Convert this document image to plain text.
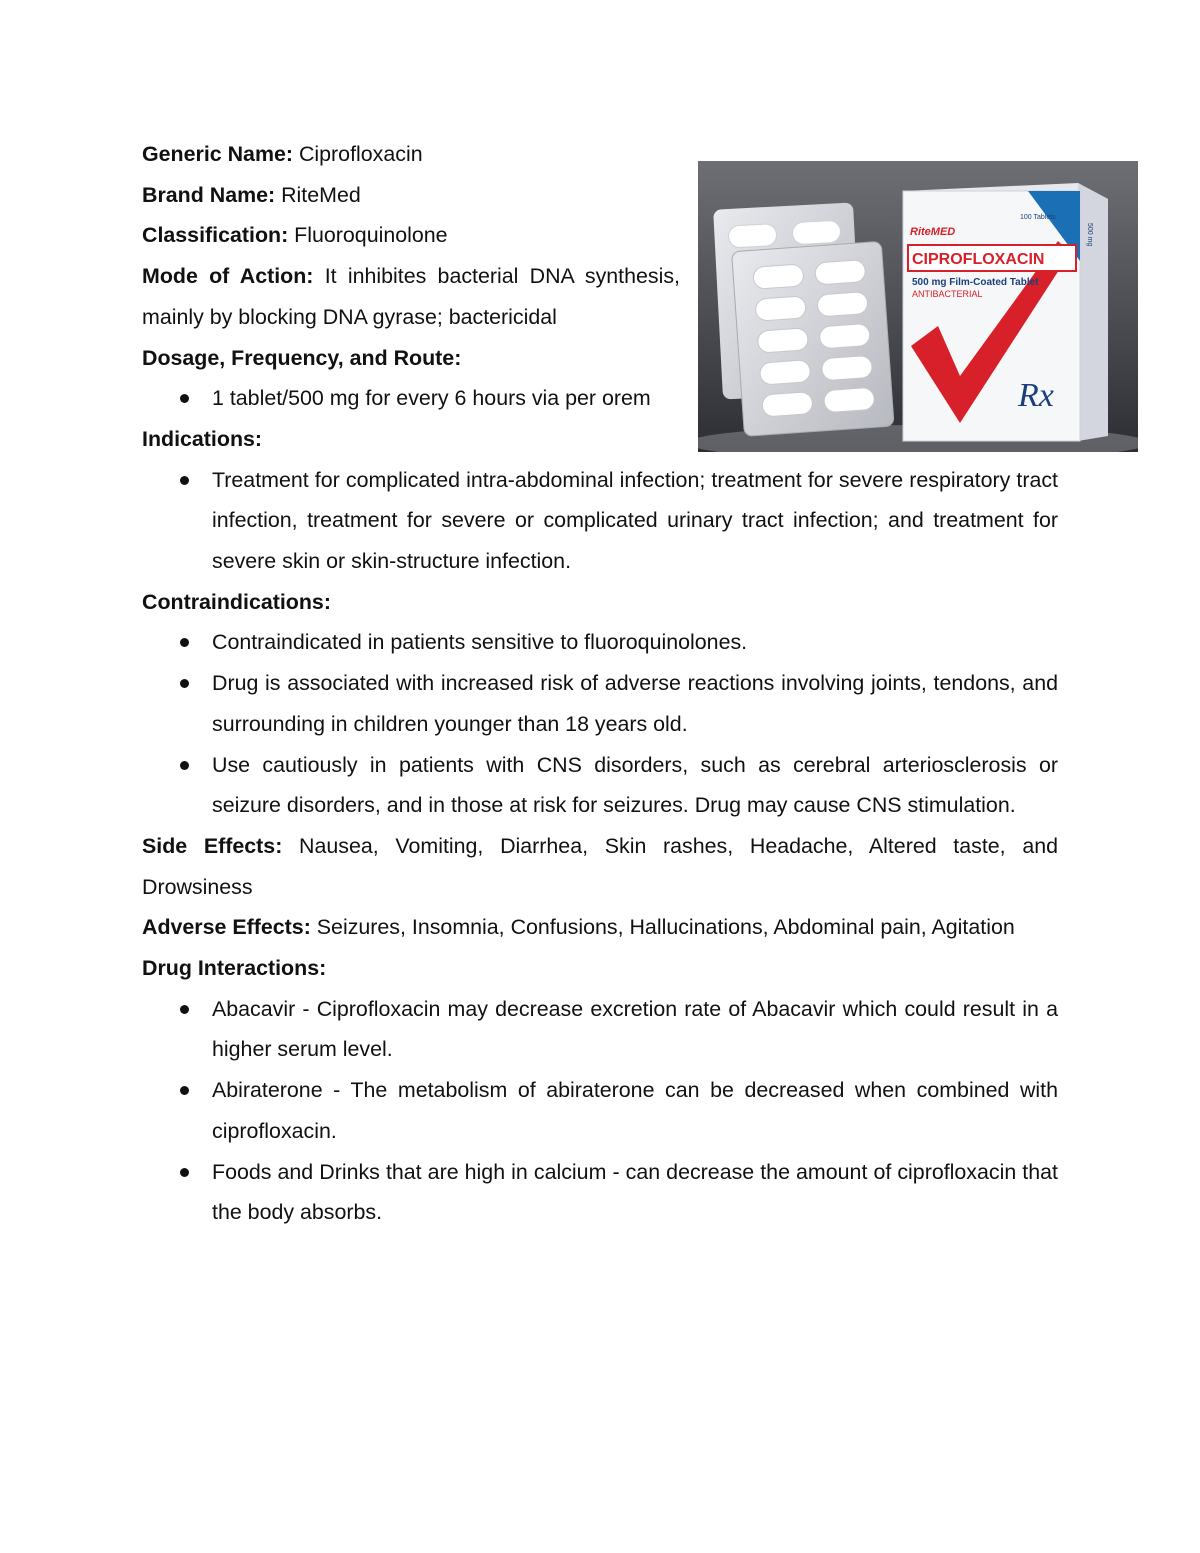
Generic Name: Ciprofloxacin

Brand Name: RiteMed

Classification: Fluoroquinolone

Mode of Action: It inhibites bacterial DNA synthesis, mainly by blocking DNA gyrase; bactericidal

Dosage, Frequency, and Route:

1 tablet/500 mg for every 6 hours via per orem

Indications:

Treatment for complicated intra-abdominal infection; treatment for severe respiratory tract infection, treatment for severe or complicated urinary tract infection; and treatment for severe skin or skin-structure infection.

Contraindications:

Contraindicated in patients sensitive to fluoroquinolones.
Drug is associated with increased risk of adverse reactions involving joints, tendons, and surrounding in children younger than 18 years old.
Use cautiously in patients with CNS disorders, such as cerebral arteriosclerosis or seizure disorders, and in those at risk for seizures. Drug may cause CNS stimulation.

Side Effects: Nausea, Vomiting, Diarrhea, Skin rashes, Headache, Altered taste, and Drowsiness

Adverse Effects: Seizures, Insomnia, Confusions, Hallucinations, Abdominal pain, Agitation

Drug Interactions:

Abacavir - Ciprofloxacin may decrease excretion rate of Abacavir which could result in a higher serum level.
Abiraterone - The metabolism of abiraterone can be decreased when combined with ciprofloxacin.
Foods and Drinks that are high in calcium - can decrease the amount of ciprofloxacin that the body absorbs.
RiteMED
CIPROFLOXACIN
500 mg Film-Coated Tablet
ANTIBACTERIAL
100 Tablets
500 mg
Rx
